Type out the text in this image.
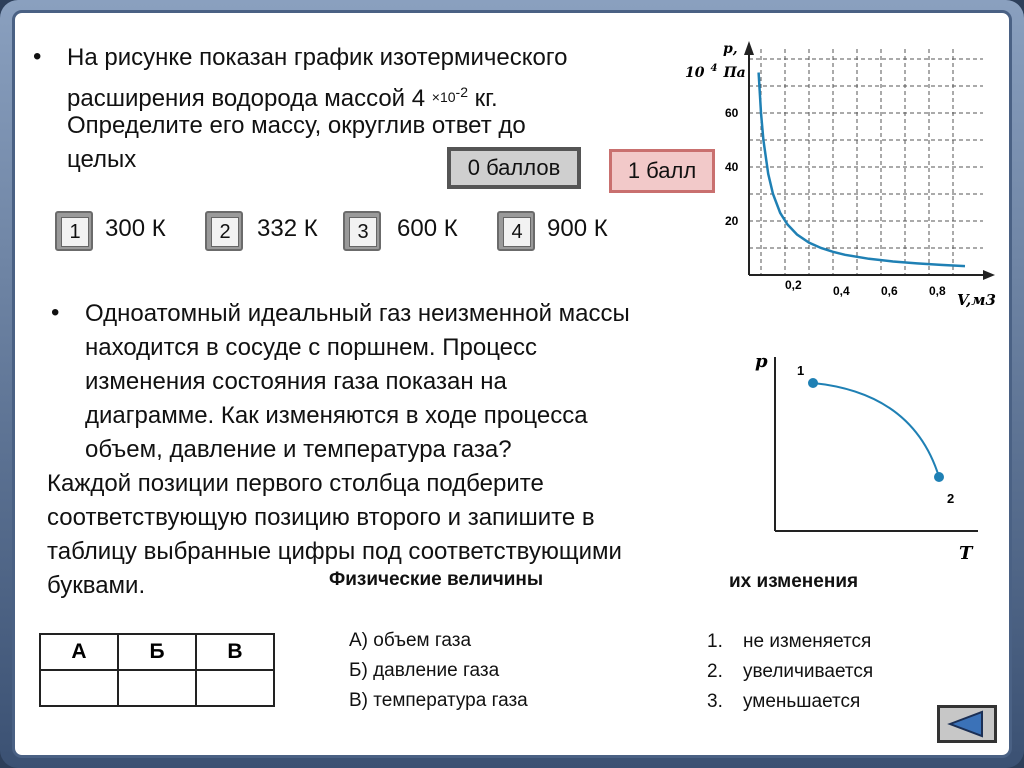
• На рисунке показан график изотермического
расширения водорода массой $4 \times 10^{-2}$ кг.
Определите его массу, округлив ответ до
целых	0 баллов	1 балл
1	300 К	2	332 К	3	600 К	4	900 К
0,2	0,4	0,6	0,8
20
40
60
p,
10 $^4$ Па
V,м3
• Одноатомный идеальный газ неизменной массы
находится в сосуде с поршнем. Процесс
изменения состояния газа показан на
диаграмме. Как изменяются в ходе процесса
объем, давление и температура газа?
Каждой позиции первого столбца подберите
соответствующую позицию второго и запишите в
таблицу выбранные цифры под соответствующими
буквами.
p
T
1
2
Физические величины	их изменения
А	Б	В
			А) объем газа
Б) давление газа
В) температура газа
1. не изменяется
2. увеличивается
3. уменьшается
